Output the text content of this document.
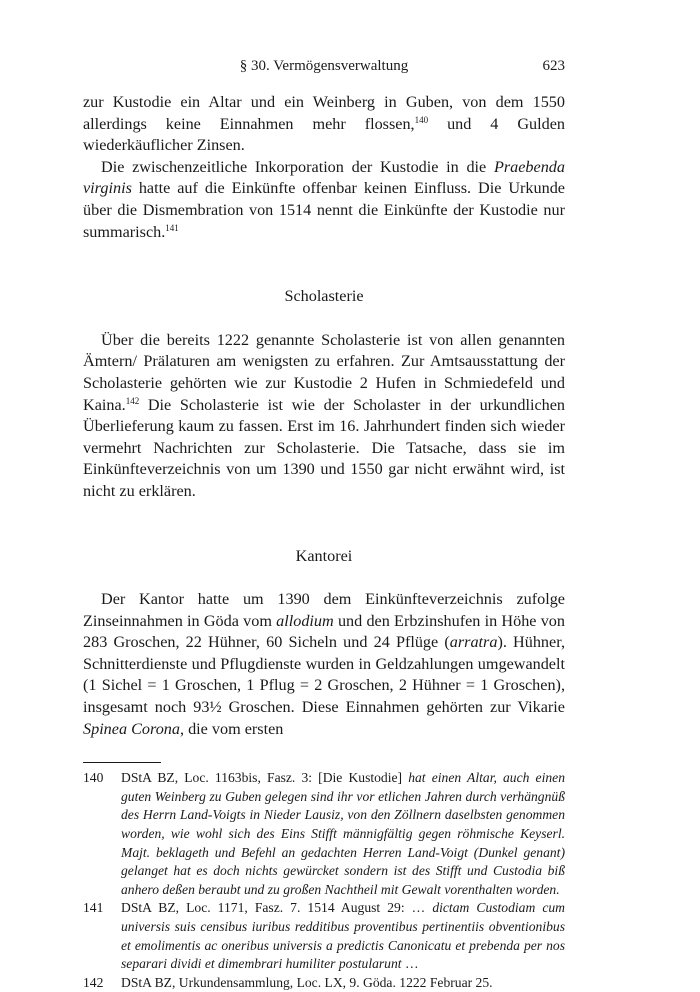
§ 30. Vermögensverwaltung	623

zur Kustodie ein Altar und ein Weinberg in Guben, von dem 1550 allerdings keine Einnahmen mehr flossen,$^{140}$ und 4 Gulden wiederkäuflicher Zinsen.

Die zwischenzeitliche Inkorporation der Kustodie in die Praebenda virginis hatte auf die Einkünfte offenbar keinen Einfluss. Die Urkunde über die Dismembration von 1514 nennt die Einkünfte der Kustodie nur summarisch.$^{141}$

Scholasterie

Über die bereits 1222 genannte Scholasterie ist von allen genannten Ämtern/ Prälaturen am wenigsten zu erfahren. Zur Amtsausstattung der Scholasterie gehörten wie zur Kustodie 2 Hufen in Schmiedefeld und Kaina.$^{142}$ Die Scholasterie ist wie der Scholaster in der urkundlichen Überlieferung kaum zu fassen. Erst im 16. Jahrhundert finden sich wieder vermehrt Nachrichten zur Scholasterie. Die Tatsache, dass sie im Einkünfteverzeichnis von um 1390 und 1550 gar nicht erwähnt wird, ist nicht zu erklären.

Kantorei

Der Kantor hatte um 1390 dem Einkünfteverzeichnis zufolge Zinseinnahmen in Göda vom allodium und den Erbzinshufen in Höhe von 283 Groschen, 22 Hühner, 60 Sicheln und 24 Pflüge (arratra). Hühner, Schnitterdienste und Pflugdienste wurden in Geldzahlungen umgewandelt (1 Sichel = 1 Groschen, 1 Pflug = 2 Groschen, 2 Hühner = 1 Groschen), insgesamt noch 93½ Groschen. Diese Einnahmen gehörten zur Vikarie Spinea Corona, die vom ersten

140 DStA BZ, Loc. 1163bis, Fasz. 3: [Die Kustodie] hat einen Altar, auch einen guten Weinberg zu Guben gelegen sind ihr vor etlichen Jahren durch verhängnüß des Herrn Land-Voigts in Nieder Lausiz, von den Zöllnern daselbsten genommen worden, wie wohl sich des Eins Stifft männigfältig gegen röhmische Keyserl. Majt. beklageth und Befehl an gedachten Herren Land-Voigt (Dunkel genant) gelanget hat es doch nichts gewürcket sondern ist des Stifft und Custodia biß anhero deßen beraubt und zu großen Nachtheil mit Gewalt vorenthalten worden.
141 DStA BZ, Loc. 1171, Fasz. 7. 1514 August 29: … dictam Custodiam cum universis suis censibus iuribus redditibus proventibus pertinentiis obventionibus et emolimentis ac oneribus universis a predictis Canonicatu et prebenda per nos separari dividi et dimembrari humiliter postularunt …
142 DStA BZ, Urkundensammlung, Loc. LX, 9. Göda. 1222 Februar 25.
